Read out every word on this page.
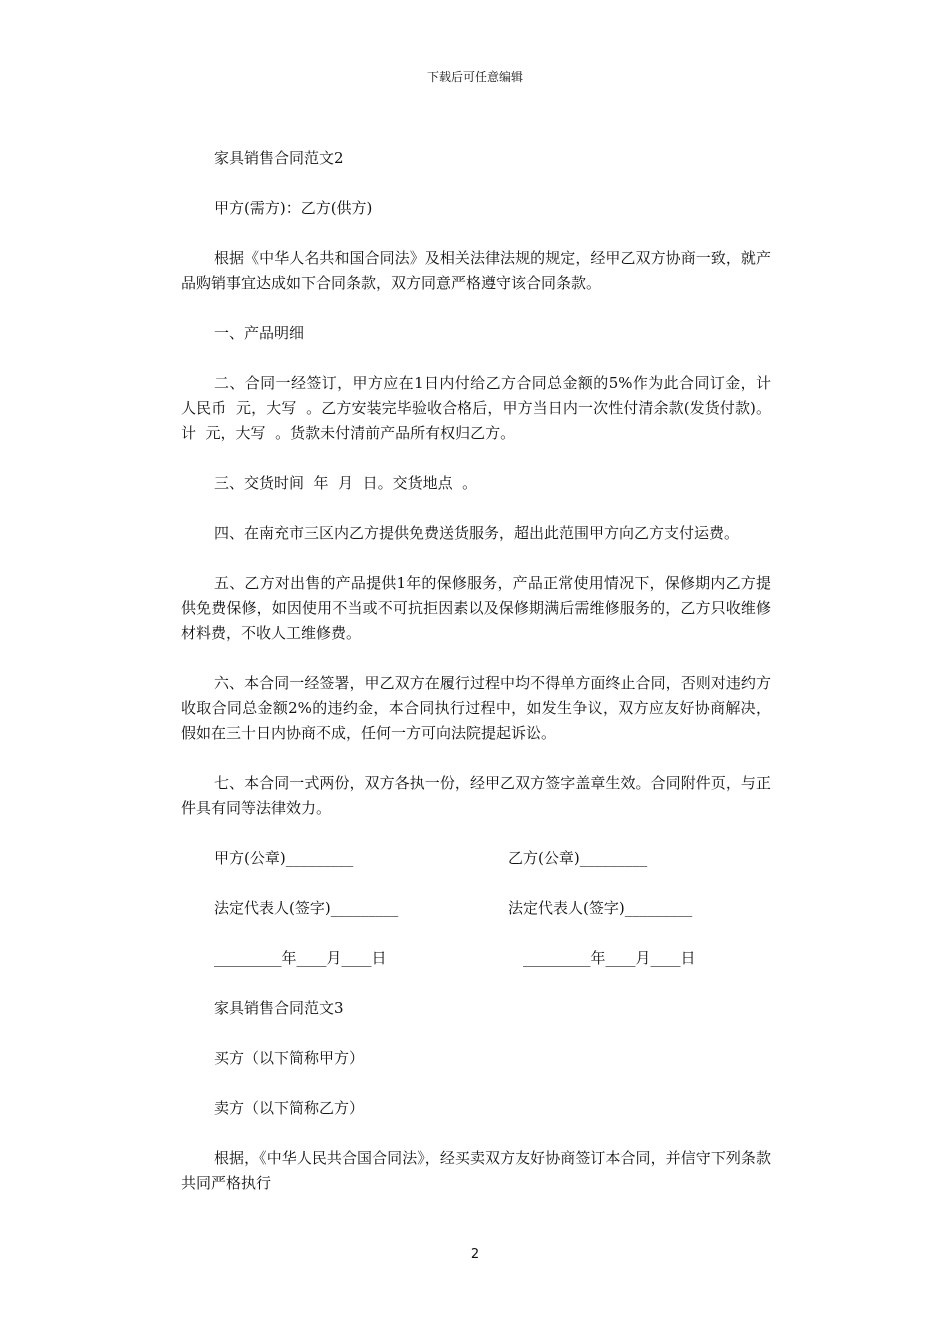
下载后可任意编辑

家具销售合同范文2

甲方(需方)：乙方(供方)

根据《中华人名共和国合同法》及相关法律法规的规定，经甲乙双方协商一致，就产品购销事宜达成如下合同条款，双方同意严格遵守该合同条款。

一、产品明细

二、合同一经签订，甲方应在1日内付给乙方合同总金额的5%作为此合同订金，计人民币  元，大写  。乙方安装完毕验收合格后，甲方当日内一次性付清余款(发货付款)。计  元，大写  。货款未付清前产品所有权归乙方。

三、交货时间  年  月  日。交货地点  。

四、在南充市三区内乙方提供免费送货服务，超出此范围甲方向乙方支付运费。

五、乙方对出售的产品提供1年的保修服务，产品正常使用情况下，保修期内乙方提供免费保修，如因使用不当或不可抗拒因素以及保修期满后需维修服务的，乙方只收维修材料费，不收人工维修费。

六、本合同一经签署，甲乙双方在履行过程中均不得单方面终止合同，否则对违约方收取合同总金额2%的违约金，本合同执行过程中，如发生争议，双方应友好协商解决，假如在三十日内协商不成，任何一方可向法院提起诉讼。

七、本合同一式两份，双方各执一份，经甲乙双方签字盖章生效。合同附件页，与正件具有同等法律效力。

甲方(公章)_________	乙方(公章)_________
法定代表人(签字)_________	法定代表人(签字)_________
_________年____月____日	_________年____月____日

家具销售合同范文3

买方（以下简称甲方）

卖方（以下简称乙方）

根据，《中华人民共合国合同法》，经买卖双方友好协商签订本合同，并信守下列条款共同严格执行

2
